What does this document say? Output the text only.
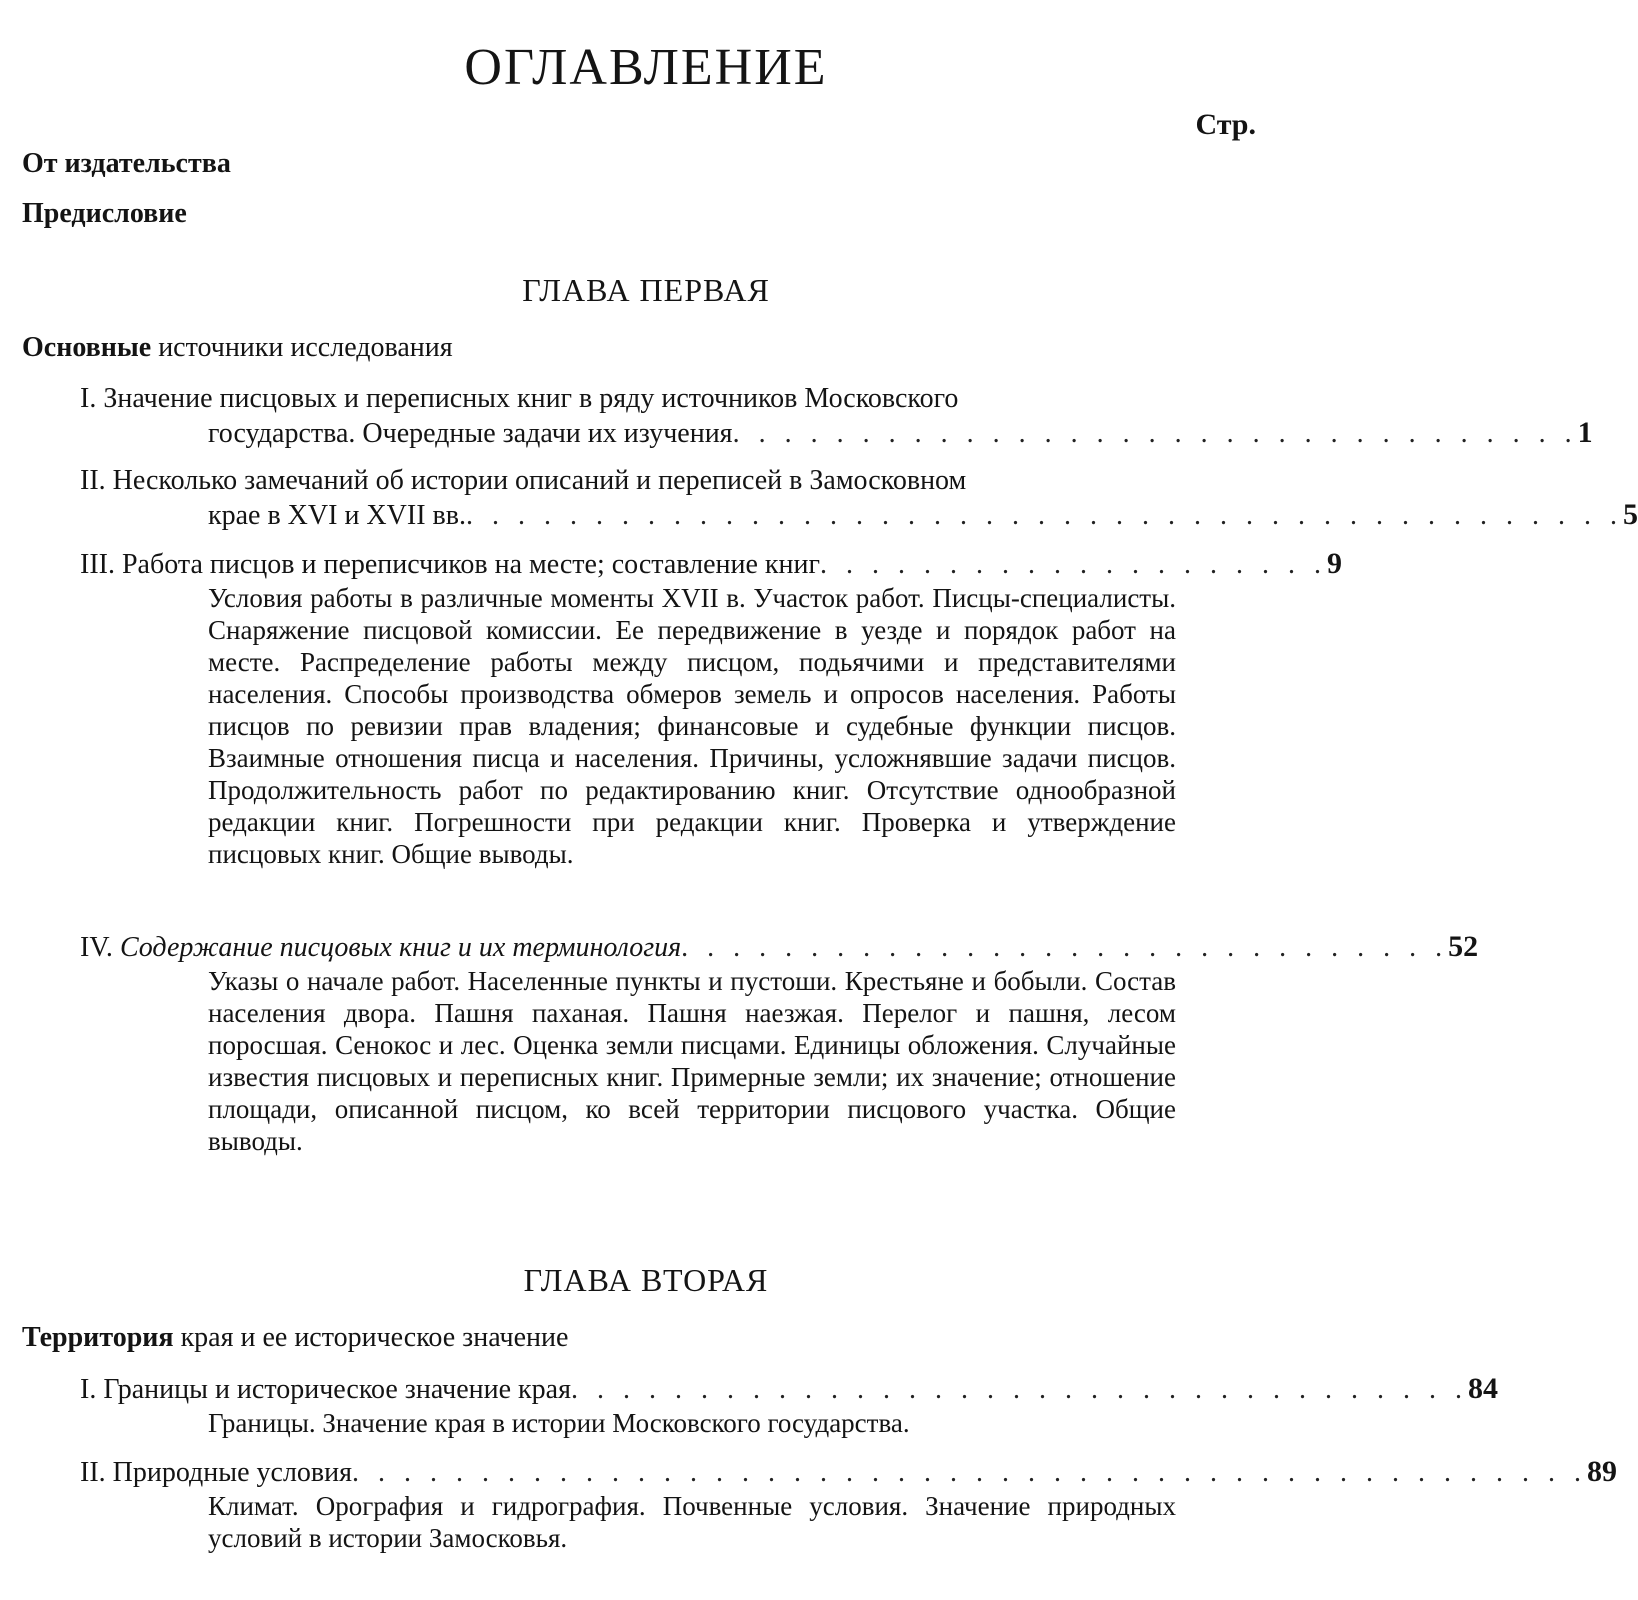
ОГЛАВЛЕНИЕ
Стр.
От издательства
Предисловие
ГЛАВА ПЕРВАЯ
Основные источники исследования
I. Значение писцовых и переписных книг в ряду источников Московского
государства. Очередные задачи их изучения . . . . . . . . . . . . . . . . . . . . . . . . . . . . . . . . . 1
II. Несколько замечаний об истории описаний и переписей в Замосковном
крае в XVI и XVII вв. . . . . . . . . . . . . . . . . . . . . . . . . . . . . . . . . . . . . . . . . . . . . . 5
III. Работа писцов и переписчиков на месте; составление книг . . . . . . . . . . . . . . . . . . . . 9
Условия работы в различные моменты XVII в. Участок работ. Писцы-специалисты. Снаряжение писцовой комиссии. Ее передвижение в уезде и порядок работ на месте. Распределение работы между писцом, подьячими и представителями населения. Способы производства обмеров земель и опросов населения. Работы писцов по ревизии прав владения; финансовые и судебные функции писцов. Взаимные отношения писца и населения. Причины, усложнявшие задачи писцов. Продолжительность работ по редактированию книг. Отсутствие однообразной редакции книг. Погрешности при редакции книг. Проверка и утверждение писцовых книг. Общие выводы.
IV. Содержание писцовых книг и их терминология . . . . . . . . . . . . . . . . . . . . . . . . . . . . . . 52
Указы о начале работ. Населенные пункты и пустоши. Крестьяне и бобыли. Состав населения двора. Пашня паханая. Пашня наезжая. Перелог и пашня, лесом поросшая. Сенокос и лес. Оценка земли писцами. Единицы обложения. Случайные известия писцовых и переписных книг. Примерные земли; их значение; отношение площади, описанной писцом, ко всей территории писцового участка. Общие выводы.
ГЛАВА ВТОРАЯ
Территория края и ее историческое значение
I. Границы и историческое значение края . . . . . . . . . . . . . . . . . . . . . . . . . . . . . . . . . . . 84
Границы. Значение края в истории Московского государства.
II. Природные условия . . . . . . . . . . . . . . . . . . . . . . . . . . . . . . . . . . . . . . . . . . . . . . . . 89
Климат. Орография и гидрография. Почвенные условия. Значение природных условий в истории Замосковья.
